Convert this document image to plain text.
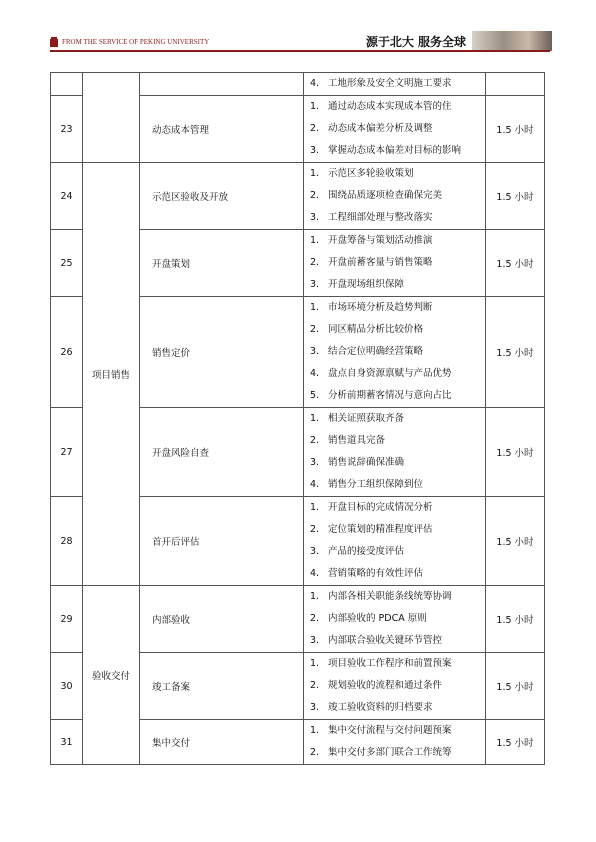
FROM THE SERVICE OF PEKING UNIVERSITY	源于北大 服务全球

			4. 工地形象及安全文明施工要求	

23		动态成本管理	1. 通过动态成本实现成本管的住
2. 动态成本偏差分析及调整
3. 掌握动态成本偏差对目标的影响	1.5 小时
24	项目销售	示范区验收及开放	1. 示范区多轮验收策划
2. 围绕品质逐项检查确保完美
3. 工程细部处理与整改落实	1.5 小时
25		开盘策划	1. 开盘筹备与策划活动推演
2. 开盘前蓄客量与销售策略
3. 开盘现场组织保障	1.5 小时
26		销售定价	1. 市场环境分析及趋势判断
2. 同区精品分析比较价格
3. 结合定位明确经营策略
4. 盘点自身资源禀赋与产品优势
5. 分析前期蓄客情况与意向占比	1.5 小时
27		开盘风险自查	1. 相关证照获取齐备
2. 销售道具完备
3. 销售说辞确保准确
4. 销售分工组织保障到位	1.5 小时
28		首开后评估	1. 开盘目标的完成情况分析
2. 定位策划的精准程度评估
3. 产品的接受度评估
4. 营销策略的有效性评估	1.5 小时
29	验收交付	内部验收	1. 内部各相关职能条线统筹协调
2. 内部验收的 PDCA 原则
3. 内部联合验收关键环节管控	1.5 小时
30		竣工备案	1. 项目验收工作程序和前置预案
2. 规划验收的流程和通过条件
3. 竣工验收资料的归档要求	1.5 小时
31		集中交付	1. 集中交付流程与交付问题预案
2. 集中交付多部门联合工作统筹	1.5 小时
